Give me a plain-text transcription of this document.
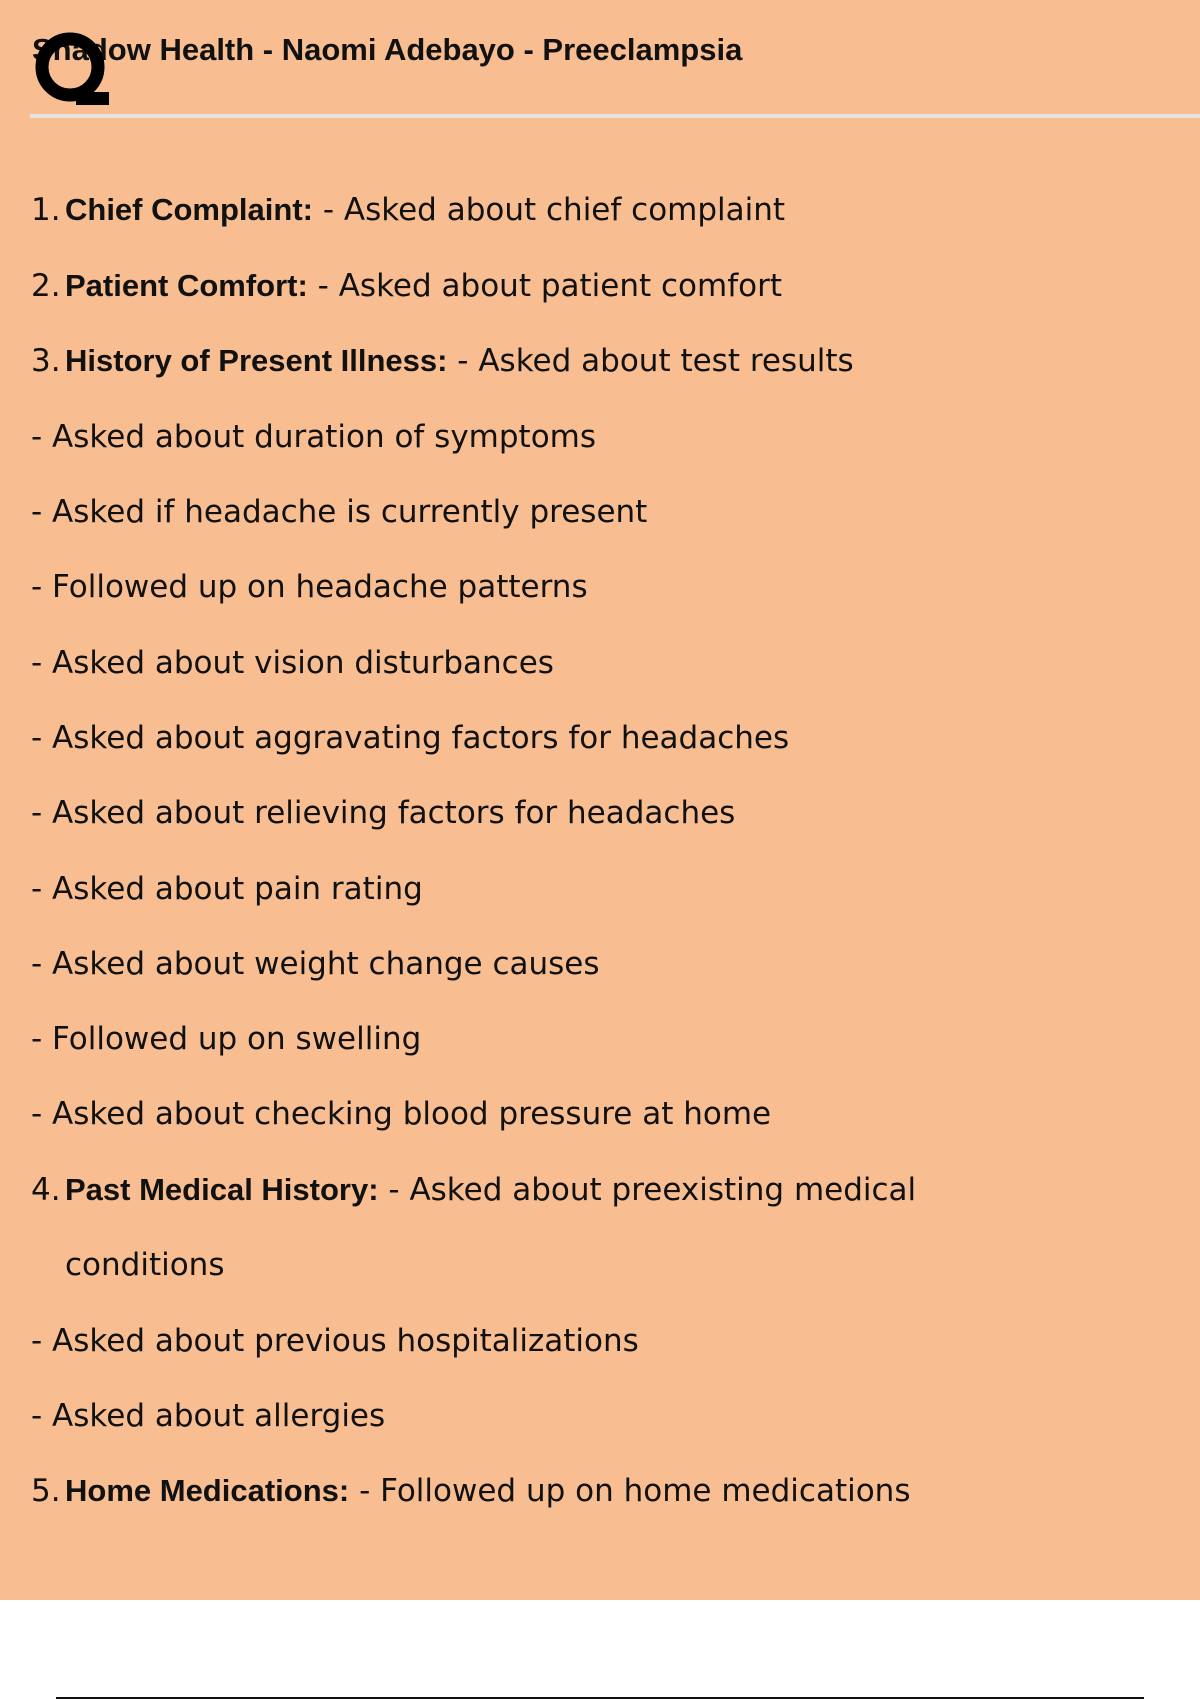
Shadow Health - Naomi Adebayo - Preeclampsia
1. Chief Complaint: - Asked about chief complaint
2. Patient Comfort: - Asked about patient comfort
3. History of Present Illness: - Asked about test results
- Asked about duration of symptoms
- Asked if headache is currently present
- Followed up on headache patterns
- Asked about vision disturbances
- Asked about aggravating factors for headaches
- Asked about relieving factors for headaches
- Asked about pain rating
- Asked about weight change causes
- Followed up on swelling
- Asked about checking blood pressure at home
4. Past Medical History: - Asked about preexisting medical
conditions
- Asked about previous hospitalizations
- Asked about allergies
5. Home Medications: - Followed up on home medications
